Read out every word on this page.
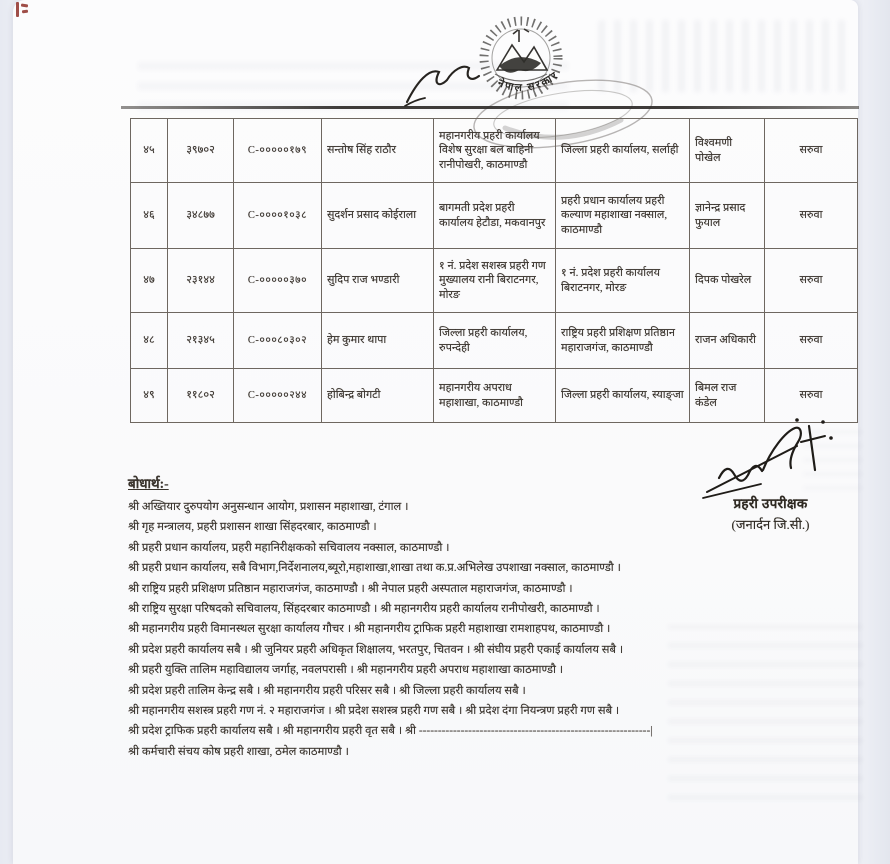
नेपाल सरकार
४५	३९७०२	C-०००००१७९	सन्तोष सिंह राठौर	महानगरीय प्रहरी कार्यालय विशेष सुरक्षा बल बाहिनी रानीपोखरी, काठमाण्डौ	जिल्ला प्रहरी कार्यालय, सर्लाही	विश्वमणी पोखेल	सरुवा
४६	३४८७७	C-००००१०३८	सुदर्शन प्रसाद कोईराला	बागमती प्रदेश प्रहरी कार्यालय हेटौडा, मकवानपुर	प्रहरी प्रधान कार्यालय प्रहरी कल्याण महाशाखा नक्साल, काठमाण्डौ	ज्ञानेन्द्र प्रसाद फुयाल	सरुवा
४७	२३१४४	C-०००००३७०	सुदिप राज भण्डारी	१ नं. प्रदेश सशस्त्र प्रहरी गण मुख्यालय रानी बिराटनगर, मोरङ	१ नं. प्रदेश प्रहरी कार्यालय बिराटनगर, मोरङ	दिपक पोखरेल	सरुवा
४८	२१३४५	C-०००८०३०२	हेम कुमार थापा	जिल्ला प्रहरी कार्यालय, रुपन्देही	राष्ट्रिय प्रहरी प्रशिक्षण प्रतिष्ठान महाराजगंज, काठमाण्डौ	राजन अधिकारी	सरुवा
४९	११८०२	C-०००००२४४	होबिन्द्र बोगटी	महानगरीय अपराध महाशाखा, काठमाण्डौ	जिल्ला प्रहरी कार्यालय, स्याङ्जा	बिमल राज कंडेल	सरुवा
प्रहरी उपरीक्षक
(जनार्दन जि.सी.)
बोधार्थ:-
श्री अख्तियार दुरुपयोग अनुसन्धान आयोग, प्रशासन महाशाखा, टंगाल ।
श्री गृह मन्त्रालय, प्रहरी प्रशासन शाखा सिंहदरबार, काठमाण्डौ ।
श्री प्रहरी प्रधान कार्यालय, प्रहरी महानिरीक्षकको सचिवालय नक्साल, काठमाण्डौ ।
श्री प्रहरी प्रधान कार्यालय, सबै विभाग,निर्देशनालय,ब्यूरो,महाशाखा,शाखा तथा क.प्र.अभिलेख उपशाखा नक्साल, काठमाण्डौ ।
श्री राष्ट्रिय प्रहरी प्रशिक्षण प्रतिष्ठान महाराजगंज, काठमाण्डौ । श्री नेपाल प्रहरी अस्पताल महाराजगंज, काठमाण्डौ ।
श्री राष्ट्रिय सुरक्षा परिषदको सचिवालय, सिंहदरबार काठमाण्डौ । श्री महानगरीय प्रहरी कार्यालय रानीपोखरी, काठमाण्डौ ।
श्री महानगरीय प्रहरी विमानस्थल सुरक्षा कार्यालय गौचर । श्री महानगरीय ट्राफिक प्रहरी महाशाखा रामशाहपथ, काठमाण्डौ ।
श्री प्रदेश प्रहरी कार्यालय सबै । श्री जुनियर प्रहरी अधिकृत शिक्षालय, भरतपुर, चितवन । श्री संघीय प्रहरी एकाई कार्यालय सबै ।
श्री प्रहरी युक्ति तालिम महाविद्यालय जर्गाह, नवलपरासी । श्री महानगरीय प्रहरी अपराध महाशाखा काठमाण्डौ ।
श्री प्रदेश प्रहरी तालिम केन्द्र सबै । श्री महानगरीय प्रहरी परिसर सबै । श्री जिल्ला प्रहरी कार्यालय सबै ।
श्री महानगरीय सशस्त्र प्रहरी गण नं. २ महाराजगंज । श्री प्रदेश सशस्त्र प्रहरी गण सबै । श्री प्रदेश दंगा नियन्त्रण प्रहरी गण सबै ।
श्री प्रदेश ट्राफिक प्रहरी कार्यालय सबै । श्री महानगरीय प्रहरी वृत सबै । श्री -------------------------------------------------------------|
श्री कर्मचारी संचय कोष प्रहरी शाखा, ठमेल काठमाण्डौ ।
